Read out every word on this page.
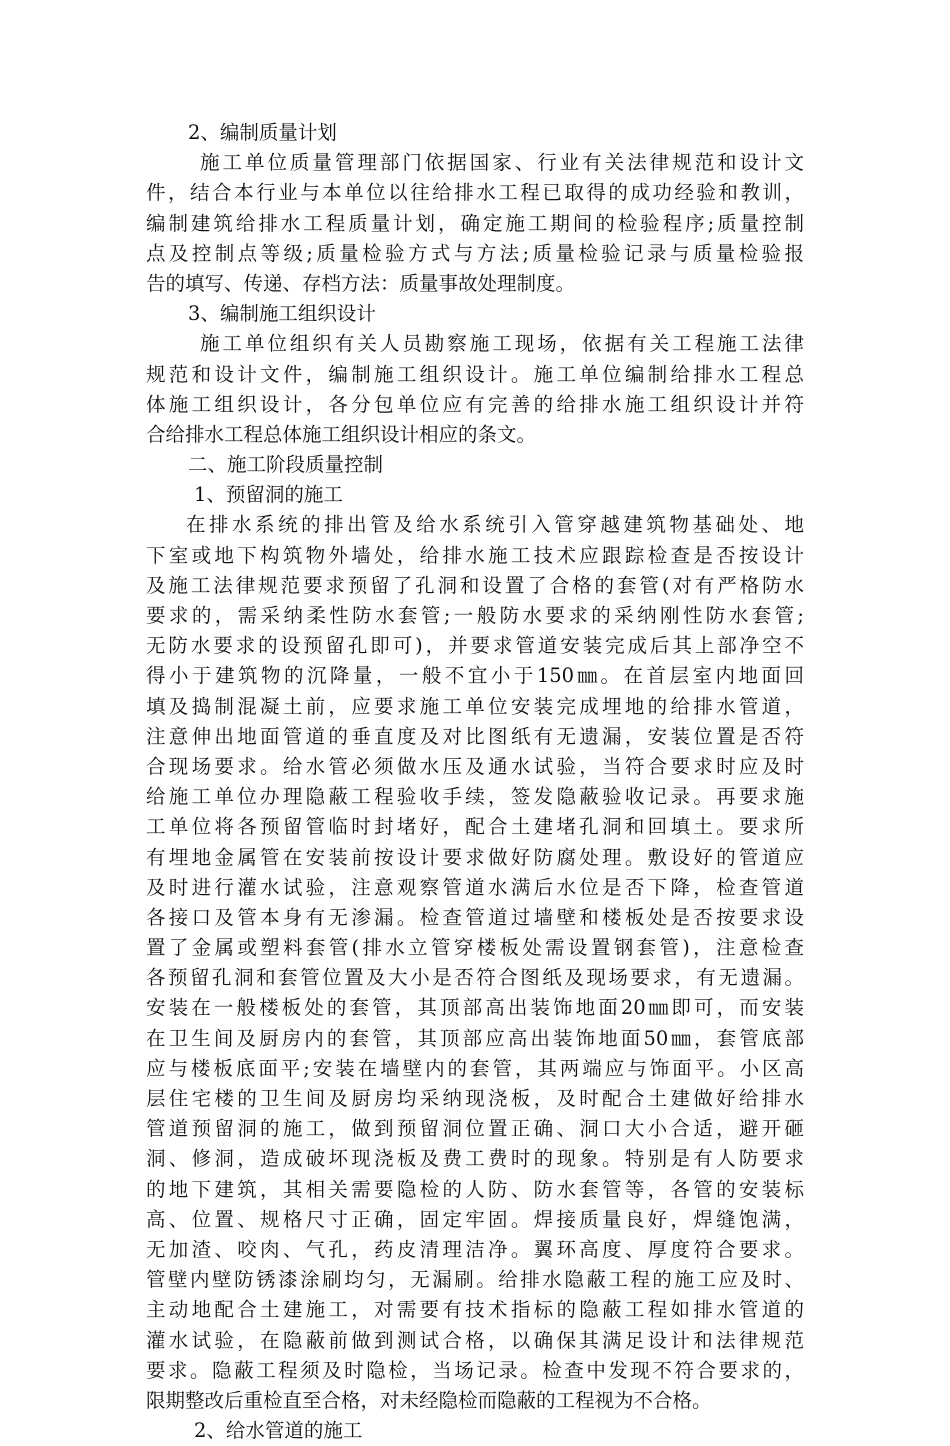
2、编制质量计划
施工单位质量管理部门依据国家、行业有关法律规范和设计文
件，结合本行业与本单位以往给排水工程已取得的成功经验和教训，
编制建筑给排水工程质量计划，确定施工期间的检验程序;质量控制
点及控制点等级;质量检验方式与方法;质量检验记录与质量检验报
告的填写、传递、存档方法：质量事故处理制度。
3、编制施工组织设计
施工单位组织有关人员勘察施工现场，依据有关工程施工法律
规范和设计文件，编制施工组织设计。施工单位编制给排水工程总
体施工组织设计，各分包单位应有完善的给排水施工组织设计并符
合给排水工程总体施工组织设计相应的条文。
二、施工阶段质量控制
1、预留洞的施工
在排水系统的排出管及给水系统引入管穿越建筑物基础处、地
下室或地下构筑物外墙处，给排水施工技术应跟踪检查是否按设计
及施工法律规范要求预留了孔洞和设置了合格的套管(对有严格防水
要求的，需采纳柔性防水套管;一般防水要求的采纳刚性防水套管;
无防水要求的设预留孔即可)，并要求管道安装完成后其上部净空不
得小于建筑物的沉降量，一般不宜小于150㎜。在首层室内地面回
填及捣制混凝土前，应要求施工单位安装完成埋地的给排水管道，
注意伸出地面管道的垂直度及对比图纸有无遗漏，安装位置是否符
合现场要求。给水管必须做水压及通水试验，当符合要求时应及时
给施工单位办理隐蔽工程验收手续，签发隐蔽验收记录。再要求施
工单位将各预留管临时封堵好，配合土建堵孔洞和回填土。要求所
有埋地金属管在安装前按设计要求做好防腐处理。敷设好的管道应
及时进行灌水试验，注意观察管道水满后水位是否下降，检查管道
各接口及管本身有无渗漏。检查管道过墙壁和楼板处是否按要求设
置了金属或塑料套管(排水立管穿楼板处需设置钢套管)，注意检查
各预留孔洞和套管位置及大小是否符合图纸及现场要求，有无遗漏。
安装在一般楼板处的套管，其顶部高出装饰地面20㎜即可，而安装
在卫生间及厨房内的套管，其顶部应高出装饰地面50㎜，套管底部
应与楼板底面平;安装在墙壁内的套管，其两端应与饰面平。小区高
层住宅楼的卫生间及厨房均采纳现浇板，及时配合土建做好给排水
管道预留洞的施工，做到预留洞位置正确、洞口大小合适，避开砸
洞、修洞，造成破坏现浇板及费工费时的现象。特别是有人防要求
的地下建筑，其相关需要隐检的人防、防水套管等，各管的安装标
高、位置、规格尺寸正确，固定牢固。焊接质量良好，焊缝饱满，
无加渣、咬肉、气孔，药皮清理洁净。翼环高度、厚度符合要求。
管壁内壁防锈漆涂刷均匀，无漏刷。给排水隐蔽工程的施工应及时、
主动地配合土建施工，对需要有技术指标的隐蔽工程如排水管道的
灌水试验，在隐蔽前做到测试合格，以确保其满足设计和法律规范
要求。隐蔽工程须及时隐检，当场记录。检查中发现不符合要求的，
限期整改后重检直至合格，对未经隐检而隐蔽的工程视为不合格。
2、给水管道的施工
